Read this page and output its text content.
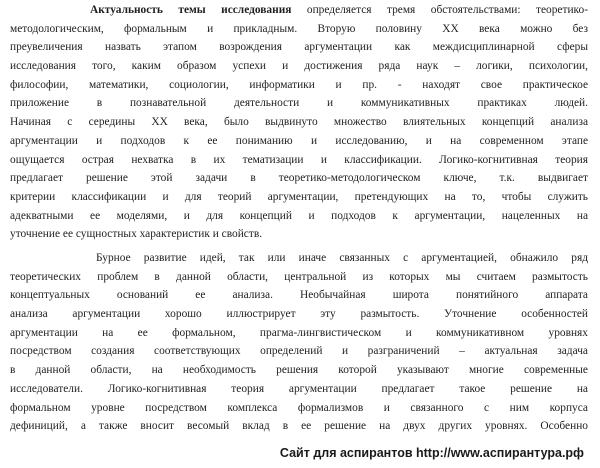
Актуальность темы исследования определяется тремя обстоятельствами: теоретико-
методологическим, формальным и прикладным. Вторую половину XX века можно без
преувеличения назвать этапом возрождения аргументации как междисциплинарной сферы
исследования того, каким образом успехи и достижения ряда наук – логики, психологии,
философии, математики, социологии, информатики и пр. - находят свое практическое
приложение в познавательной деятельности и коммуникативных практиках людей.
Начиная с середины XX века, было выдвинуто множество влиятельных концепций анализа
аргументации и подходов к ее пониманию и исследованию, и на современном этапе
ощущается острая нехватка в их тематизации и классификации. Логико-когнитивная теория
предлагает решение этой задачи в теоретико-методологическом ключе, т.к. выдвигает
критерии классификации и для теорий аргументации, претендующих на то, чтобы служить
адекватными ее моделями, и для концепций и подходов к аргументации, нацеленных на
уточнение ее сущностных характеристик и свойств.
Бурное развитие идей, так или иначе связанных с аргументацией, обнажило ряд
теоретических проблем в данной области, центральной из которых мы считаем размытость
концептуальных оснований ее анализа. Необычайная широта понятийного аппарата
анализа аргументации хорошо иллюстрирует эту размытость. Уточнение особенностей
аргументации на ее формальном, прагма-лингвистическом и коммуникативном уровнях
посредством создания соответствующих определений и разграничений – актуальная задача
в данной области, на необходимость решения которой указывают многие современные
исследователи. Логико-когнитивная теория аргументации предлагает такое решение на
формальном уровне посредством комплекса формализмов и связанного с ним корпуса
дефиниций, а также вносит весомый вклад в ее решение на двух других уровнях. Особенно
Сайт для аспирантов http://www.аспирантура.рф
